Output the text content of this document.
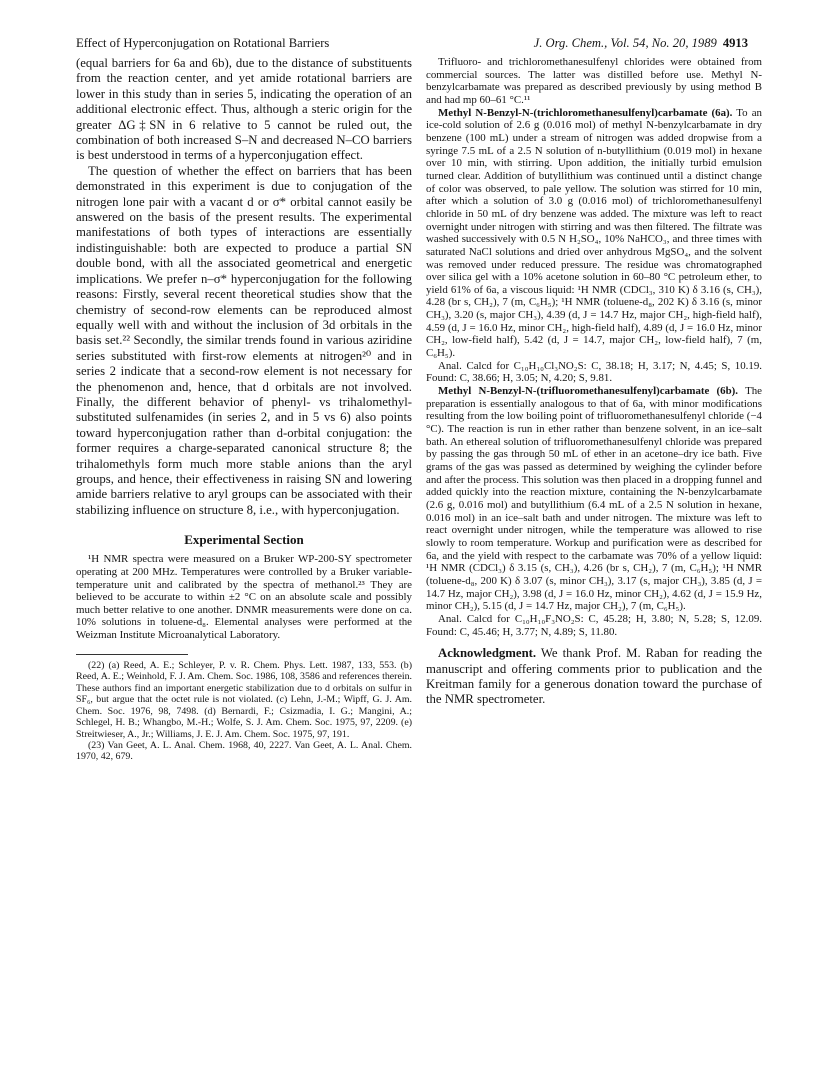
Effect of Hyperconjugation on Rotational Barriers	J. Org. Chem., Vol. 54, No. 20, 1989 4913

(equal barriers for 6a and 6b), due to the distance of substituents from the reaction center, and yet amide rotational barriers are lower in this study than in series 5, indicating the operation of an additional electronic effect. Thus, although a steric origin for the greater ΔG‡SN in 6 relative to 5 cannot be ruled out, the combination of both increased S–N and decreased N–CO barriers is best understood in terms of a hyperconjugation effect.

The question of whether the effect on barriers that has been demonstrated in this experiment is due to conjugation of the nitrogen lone pair with a vacant d or σ* orbital cannot easily be answered on the basis of the present results. The experimental manifestations of both types of interactions are essentially indistinguishable: both are expected to produce a partial SN double bond, with all the associated geometrical and energetic implications. We prefer n–σ* hyperconjugation for the following reasons: Firstly, several recent theoretical studies show that the chemistry of second-row elements can be reproduced almost equally well with and without the inclusion of 3d orbitals in the basis set.²² Secondly, the similar trends found in various aziridine series substituted with first-row elements at nitrogen²⁰ and in series 2 indicate that a second-row element is not necessary for the phenomenon and, hence, that d orbitals are not involved. Finally, the different behavior of phenyl- vs trihalomethyl-substituted sulfenamides (in series 2, and in 5 vs 6) also points toward hyperconjugation rather than d-orbital conjugation: the former requires a charge-separated canonical structure 8; the trihalomethyls form much more stable anions than the aryl groups, and hence, their effectiveness in raising SN and lowering amide barriers relative to aryl groups can be associated with their stabilizing influence on structure 8, i.e., with hyperconjugation.

Experimental Section

¹H NMR spectra were measured on a Bruker WP-200-SY spectrometer operating at 200 MHz. Temperatures were controlled by a Bruker variable-temperature unit and calibrated by the spectra of methanol.²³ They are believed to be accurate to within ±2 °C on an absolute scale and possibly much better relative to one another. DNMR measurements were done on ca. 10% solutions in toluene-d₈. Elemental analyses were performed at the Weizman Institute Microanalytical Laboratory.

(22) (a) Reed, A. E.; Schleyer, P. v. R. Chem. Phys. Lett. 1987, 133, 553. (b) Reed, A. E.; Weinhold, F. J. Am. Chem. Soc. 1986, 108, 3586 and references therein. These authors find an important energetic stabilization due to d orbitals on sulfur in SF₆, but argue that the octet rule is not violated. (c) Lehn, J.-M.; Wipff, G. J. Am. Chem. Soc. 1976, 98, 7498. (d) Bernardi, F.; Csizmadia, I. G.; Mangini, A.; Schlegel, H. B.; Whangbo, M.-H.; Wolfe, S. J. Am. Chem. Soc. 1975, 97, 2209. (e) Streitwieser, A., Jr.; Williams, J. E. J. Am. Chem. Soc. 1975, 97, 191.

(23) Van Geet, A. L. Anal. Chem. 1968, 40, 2227. Van Geet, A. L. Anal. Chem. 1970, 42, 679.

Trifluoro- and trichloromethanesulfenyl chlorides were obtained from commercial sources. The latter was distilled before use. Methyl N-benzylcarbamate was prepared as described previously by using method B and had mp 60–61 °C.¹¹

Methyl N-Benzyl-N-(trichloromethanesulfenyl)carbamate (6a). To an ice-cold solution of 2.6 g (0.016 mol) of methyl N-benzylcarbamate in dry benzene (100 mL) under a stream of nitrogen was added dropwise from a syringe 7.5 mL of a 2.5 N solution of n-butyllithium (0.019 mol) in hexane over 10 min, with stirring. Upon addition, the initially turbid emulsion turned clear. Addition of butyllithium was continued until a distinct change of color was observed, to pale yellow. The solution was stirred for 10 min, after which a solution of 3.0 g (0.016 mol) of trichloromethanesulfenyl chloride in 50 mL of dry benzene was added. The mixture was left to react overnight under nitrogen with stirring and was then filtered. The filtrate was washed successively with 0.5 N H₂SO₄, 10% NaHCO₃, and three times with saturated NaCl solutions and dried over anhydrous MgSO₄, and the solvent was removed under reduced pressure. The residue was chromatographed over silica gel with a 10% acetone solution in 60–80 °C petroleum ether, to yield 61% of 6a, a viscous liquid: ¹H NMR (CDCl₃, 310 K) δ 3.16 (s, CH₃), 4.28 (br s, CH₂), 7 (m, C₆H₅); ¹H NMR (toluene-d₈, 202 K) δ 3.16 (s, minor CH₃), 3.20 (s, major CH₃), 4.39 (d, J = 14.7 Hz, major CH₂, high-field half), 4.59 (d, J = 16.0 Hz, minor CH₂, high-field half), 4.89 (d, J = 16.0 Hz, minor CH₂, low-field half), 5.42 (d, J = 14.7, major CH₂, low-field half), 7 (m, C₆H₅).

Anal. Calcd for C₁₀H₁₀Cl₃NO₂S: C, 38.18; H, 3.17; N, 4.45; S, 10.19. Found: C, 38.66; H, 3.05; N, 4.20; S, 9.81.

Methyl N-Benzyl-N-(trifluoromethanesulfenyl)carbamate (6b). The preparation is essentially analogous to that of 6a, with minor modifications resulting from the low boiling point of trifluoromethanesulfenyl chloride (−4 °C). The reaction is run in ether rather than benzene solvent, in an ice–salt bath. An ethereal solution of trifluoromethanesulfenyl chloride was prepared by passing the gas through 50 mL of ether in an acetone–dry ice bath. Five grams of the gas was passed as determined by weighing the cylinder before and after the process. This solution was then placed in a dropping funnel and added quickly into the reaction mixture, containing the N-benzylcarbamate (2.6 g, 0.016 mol) and butyllithium (6.4 mL of a 2.5 N solution in hexane, 0.016 mol) in an ice–salt bath and under nitrogen. The mixture was left to react overnight under nitrogen, while the temperature was allowed to rise slowly to room temperature. Workup and purification were as described for 6a, and the yield with respect to the carbamate was 70% of a yellow liquid: ¹H NMR (CDCl₃) δ 3.15 (s, CH₃), 4.26 (br s, CH₂), 7 (m, C₆H₅); ¹H NMR (toluene-d₈, 200 K) δ 3.07 (s, minor CH₃), 3.17 (s, major CH₃), 3.85 (d, J = 14.7 Hz, major CH₂), 3.98 (d, J = 16.0 Hz, minor CH₂), 4.62 (d, J = 15.9 Hz, minor CH₂), 5.15 (d, J = 14.7 Hz, major CH₂), 7 (m, C₆H₅).

Anal. Calcd for C₁₀H₁₀F₃NO₂S: C, 45.28; H, 3.80; N, 5.28; S, 12.09. Found: C, 45.46; H, 3.77; N, 4.89; S, 11.80.

Acknowledgment. We thank Prof. M. Raban for reading the manuscript and offering comments prior to publication and the Kreitman family for a generous donation toward the purchase of the NMR spectrometer.
